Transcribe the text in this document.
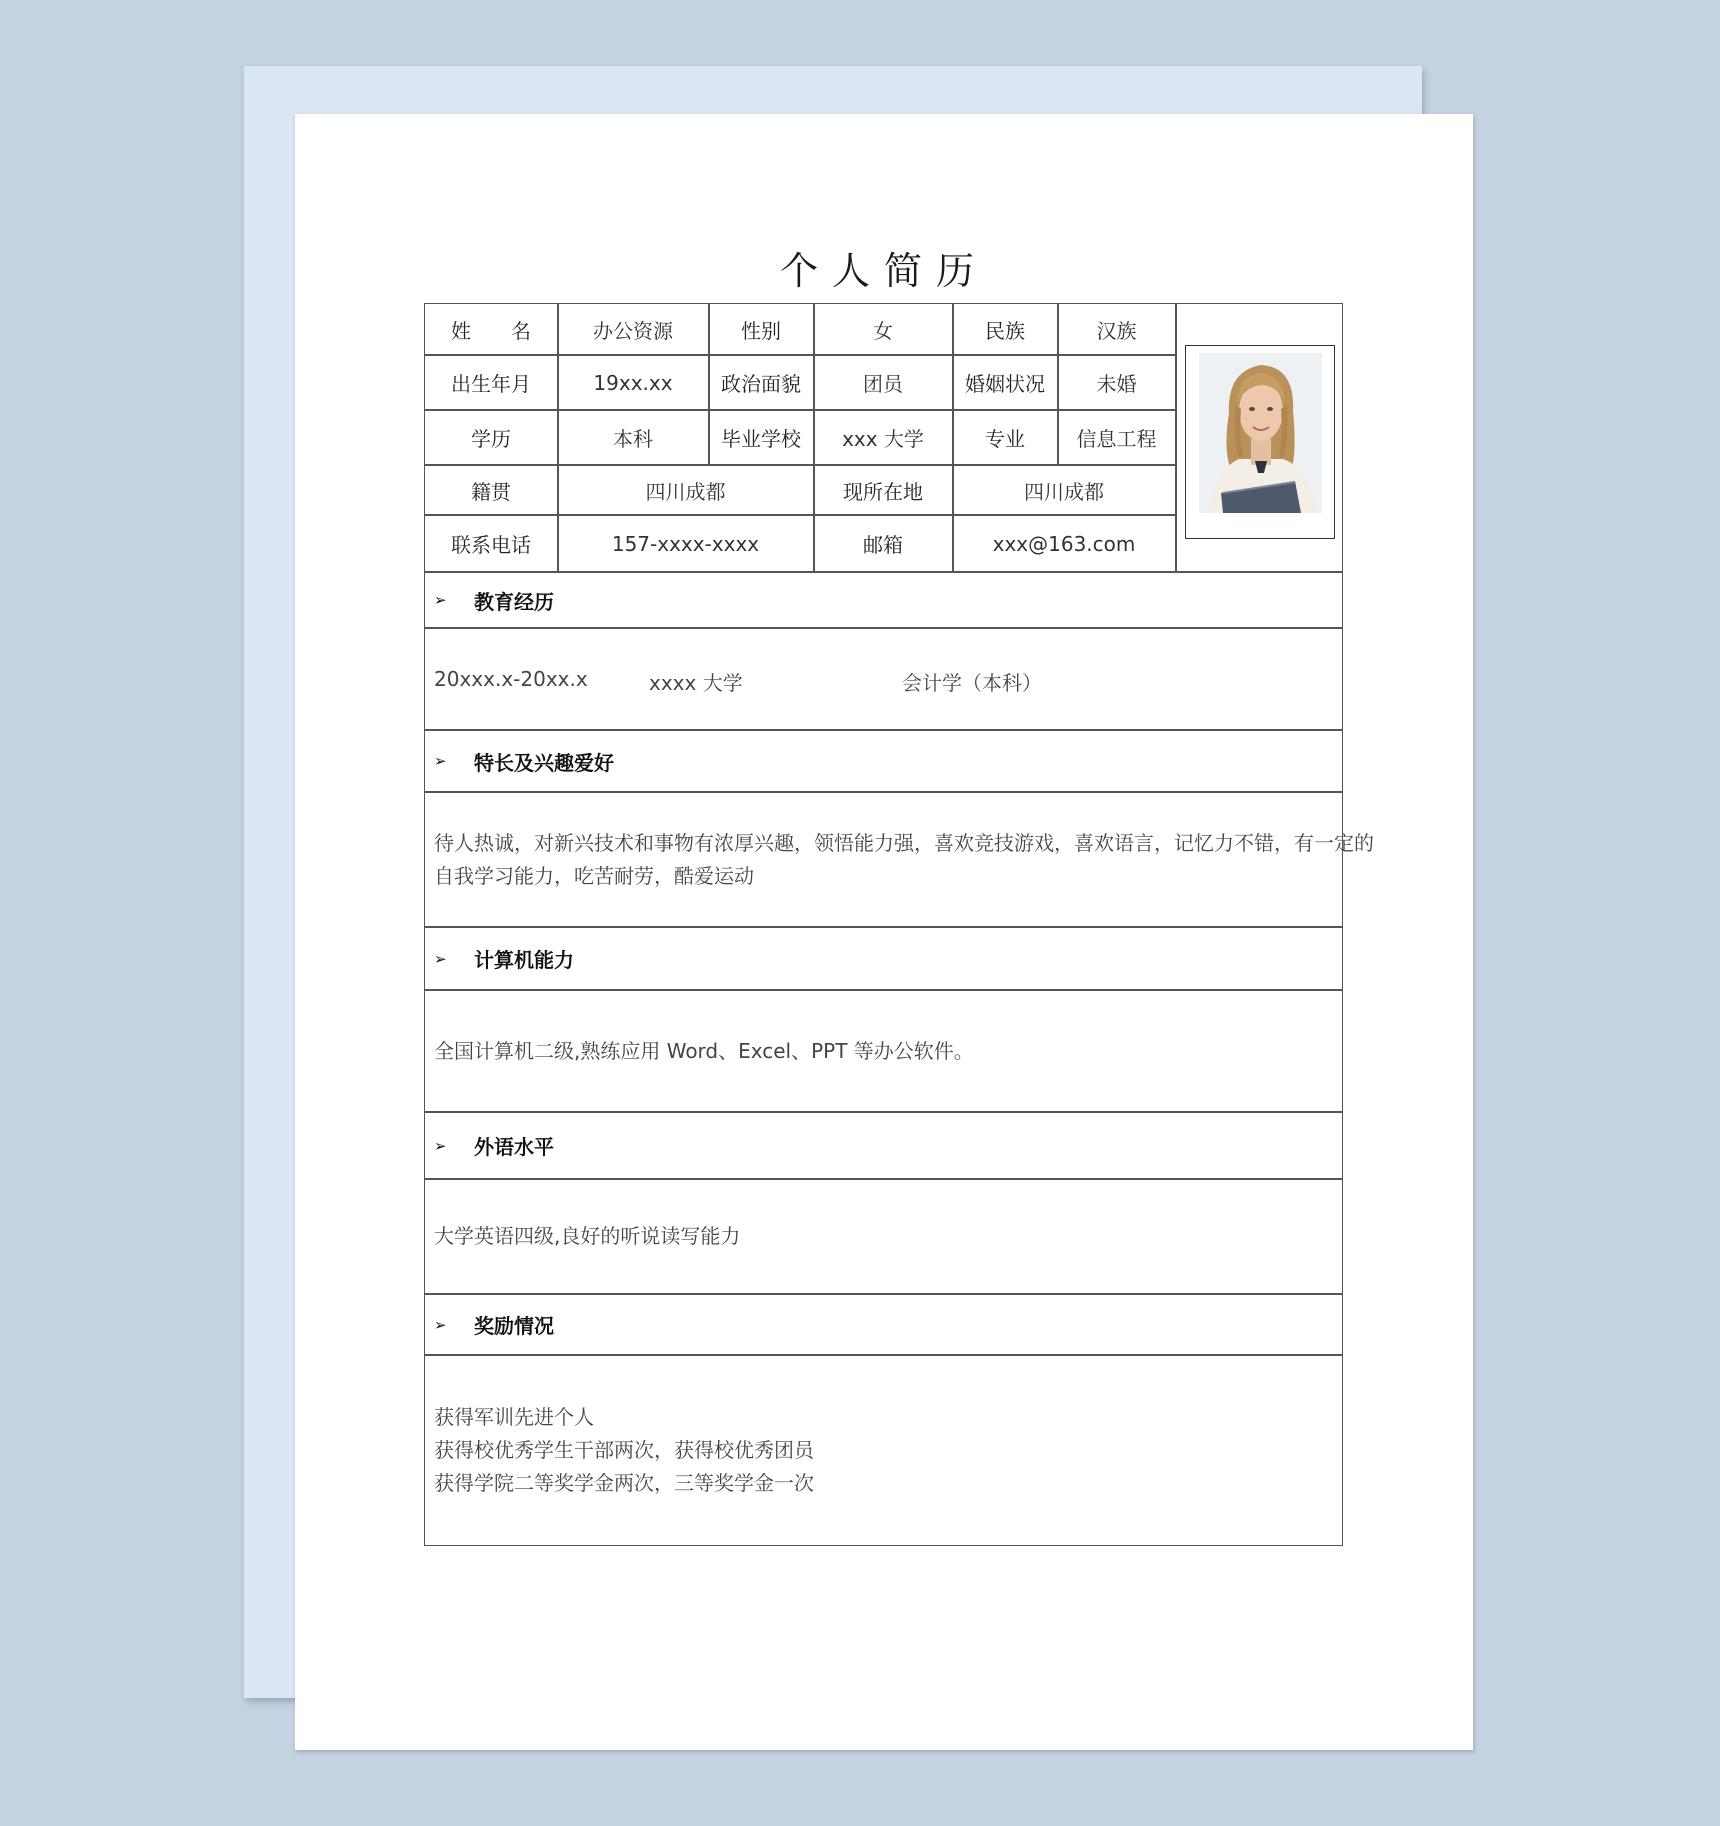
个人简历
姓　　名	办公资源	性别	女	民族	汉族
出生年月	19xx.xx	政治面貌	团员	婚姻状况	未婚
学历	本科	毕业学校	xxx 大学	专业	信息工程
籍贯	四川成都	现所在地	四川成都
联系电话	157-xxxx-xxxx	邮箱	xxx@163.com
➢	教育经历
20xxx.x-20xx.x	xxxx 大学	会计学（本科）
➢	特长及兴趣爱好
待人热诚，对新兴技术和事物有浓厚兴趣，领悟能力强，喜欢竞技游戏，喜欢语言，记忆力不错，有一定的
自我学习能力，吃苦耐劳，酷爱运动
➢	计算机能力
全国计算机二级,熟练应用 Word、Excel、PPT 等办公软件。
➢	外语水平
大学英语四级,良好的听说读写能力
➢	奖励情况
获得军训先进个人
获得校优秀学生干部两次，获得校优秀团员
获得学院二等奖学金两次，三等奖学金一次
